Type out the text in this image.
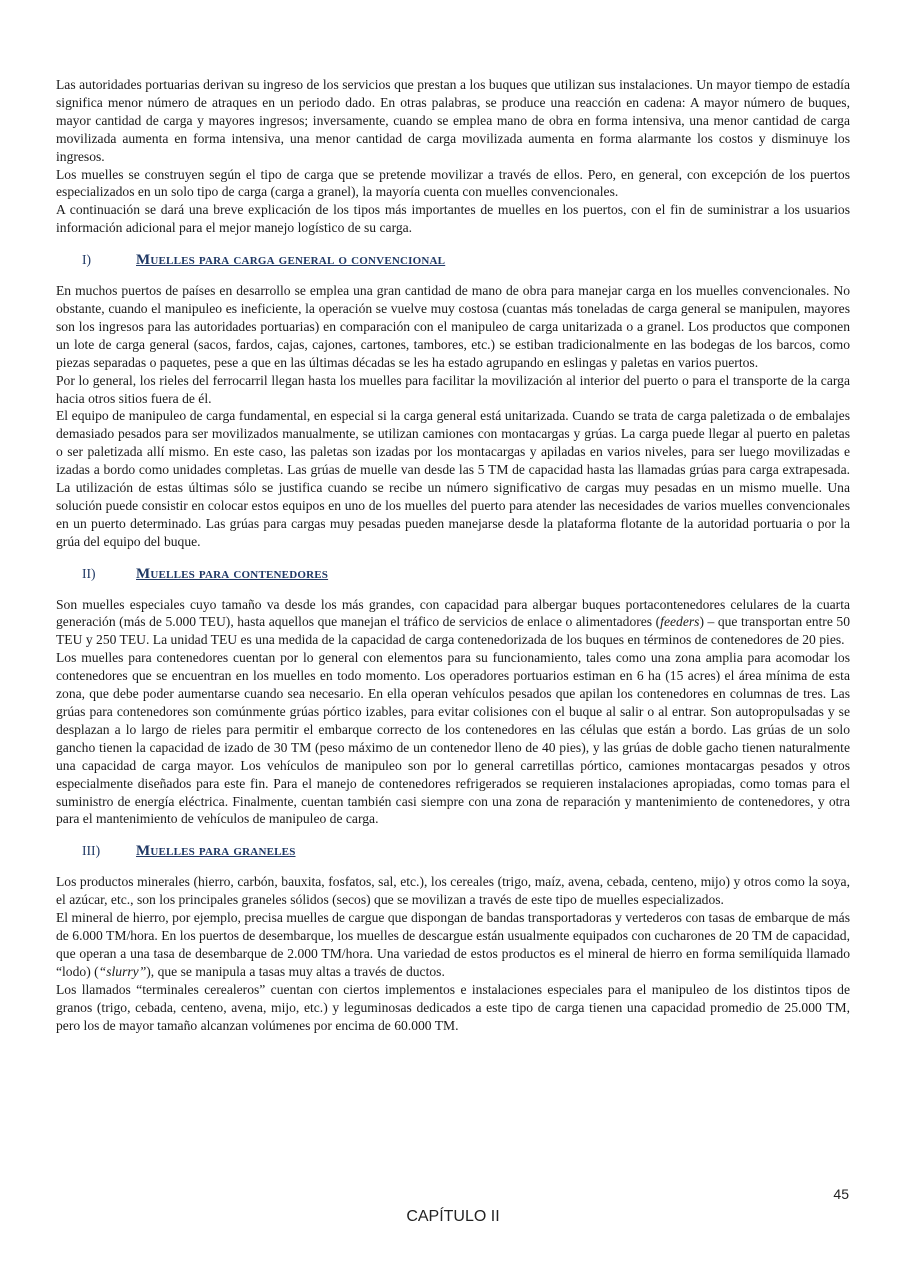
Las autoridades portuarias derivan su ingreso de los servicios que prestan a los buques que utilizan sus instalaciones. Un mayor tiempo de estadía significa menor número de atraques en un periodo dado. En otras palabras, se produce una reacción en cadena: A mayor número de buques, mayor cantidad de carga y mayores ingresos; inversamente, cuando se emplea mano de obra en forma intensiva, una menor cantidad de carga movilizada aumenta en forma intensiva, una menor cantidad de carga movilizada aumenta en forma alarmante los costos y disminuye los ingresos.

Los muelles se construyen según el tipo de carga que se pretende movilizar a través de ellos. Pero, en general, con excepción de los puertos especializados en un solo tipo de carga (carga a granel), la mayoría cuenta con muelles convencionales.

A continuación se dará una breve explicación de los tipos más importantes de muelles en los puertos, con el fin de suministrar a los usuarios información adicional para el mejor manejo logístico de su carga.

I)	Muelles para carga general o convencional

En muchos puertos de países en desarrollo se emplea una gran cantidad de mano de obra para manejar carga en los muelles convencionales. No obstante, cuando el manipuleo es ineficiente, la operación se vuelve muy costosa (cuantas más toneladas de carga general se manipulen, mayores son los ingresos para las autoridades portuarias) en comparación con el manipuleo de carga unitarizada o a granel. Los productos que componen un lote de carga general (sacos, fardos, cajas, cajones, cartones, tambores, etc.) se estiban tradicionalmente en las bodegas de los barcos, como piezas separadas o paquetes, pese a que en las últimas décadas se les ha estado agrupando en eslingas y paletas en varios puertos.

Por lo general, los rieles del ferrocarril llegan hasta los muelles para facilitar la movilización al interior del puerto o para el transporte de la carga hacia otros sitios fuera de él.

El equipo de manipuleo de carga fundamental, en especial si la carga general está unitarizada. Cuando se trata de carga paletizada o de embalajes demasiado pesados para ser movilizados manualmente, se utilizan camiones con montacargas y grúas. La carga puede llegar al puerto en paletas o ser paletizada allí mismo. En este caso, las paletas son izadas por los montacargas y apiladas en varios niveles, para ser luego movilizadas e izadas a bordo como unidades completas. Las grúas de muelle van desde las 5 TM de capacidad hasta las llamadas grúas para carga extrapesada. La utilización de estas últimas sólo se justifica cuando se recibe un número significativo de cargas muy pesadas en un mismo muelle. Una solución puede consistir en colocar estos equipos en uno de los muelles del puerto para atender las necesidades de varios muelles convencionales en un puerto determinado. Las grúas para cargas muy pesadas pueden manejarse desde la plataforma flotante de la autoridad portuaria o por la grúa del equipo del buque.

II)	Muelles para contenedores

Son muelles especiales cuyo tamaño va desde los más grandes, con capacidad para albergar buques portacontenedores celulares de la cuarta generación (más de 5.000 TEU), hasta aquellos que manejan el tráfico de servicios de enlace o alimentadores (feeders) – que transportan entre 50 TEU y 250 TEU. La unidad TEU es una medida de la capacidad de carga contenedorizada de los buques en términos de contenedores de 20 pies.

Los muelles para contenedores cuentan por lo general con elementos para su funcionamiento, tales como una zona amplia para acomodar los contenedores que se encuentran en los muelles en todo momento. Los operadores portuarios estiman en 6 ha (15 acres) el área mínima de esta zona, que debe poder aumentarse cuando sea necesario. En ella operan vehículos pesados que apilan los contenedores en columnas de tres. Las grúas para contenedores son comúnmente grúas pórtico izables, para evitar colisiones con el buque al salir o al entrar. Son autopropulsadas y se desplazan a lo largo de rieles para permitir el embarque correcto de los contenedores en las células que están a bordo. Las grúas de un solo gancho tienen la capacidad de izado de 30 TM (peso máximo de un contenedor lleno de 40 pies), y las grúas de doble gacho tienen naturalmente una capacidad de carga mayor. Los vehículos de manipuleo son por lo general carretillas pórtico, camiones montacargas pesados y otros especialmente diseñados para este fin. Para el manejo de contenedores refrigerados se requieren instalaciones apropiadas, como tomas para el suministro de energía eléctrica. Finalmente, cuentan también casi siempre con una zona de reparación y mantenimiento de contenedores, y otra para el mantenimiento de vehículos de manipuleo de carga.

III)	Muelles para graneles

Los productos minerales (hierro, carbón, bauxita, fosfatos, sal, etc.), los cereales (trigo, maíz, avena, cebada, centeno, mijo) y otros como la soya, el azúcar, etc., son los principales graneles sólidos (secos) que se movilizan a través de este tipo de muelles especializados.

El mineral de hierro, por ejemplo, precisa muelles de cargue que dispongan de bandas transportadoras y vertederos con tasas de embarque de más de 6.000 TM/hora. En los puertos de desembarque, los muelles de descargue están usualmente equipados con cucharones de 20 TM de capacidad, que operan a una tasa de desembarque de 2.000 TM/hora. Una variedad de estos productos es el mineral de hierro en forma semilíquida llamado “lodo) (“slurry”), que se manipula a tasas muy altas a través de ductos.

Los llamados “terminales cerealeros” cuentan con ciertos implementos e instalaciones especiales para el manipuleo de los distintos tipos de granos (trigo, cebada, centeno, avena, mijo, etc.) y leguminosas dedicados a este tipo de carga tienen una capacidad promedio de 25.000 TM, pero los de mayor tamaño alcanzan volúmenes por encima de 60.000 TM.

45
CAPÍTULO II
